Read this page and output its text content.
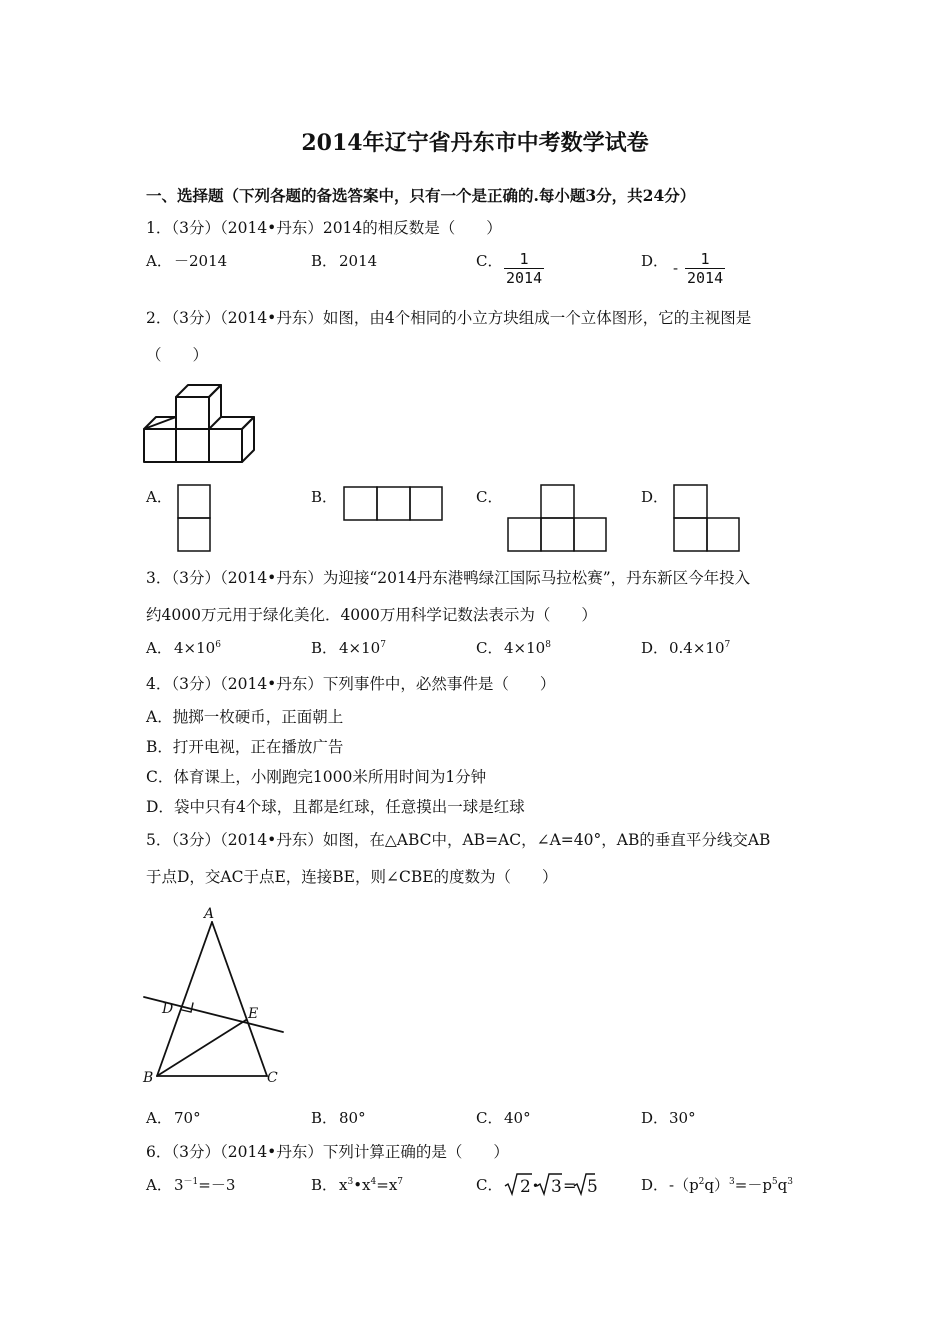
2014年辽宁省丹东市中考数学试卷
一、选择题（下列各题的备选答案中，只有一个是正确的.每小题3分，共24分）
1．（3分）（2014•丹东）2014的相反数是（　　）
A． －2014	B． 2014	C． $\frac{1}{2014}$	D． - $\frac{1}{2014}$
2．（3分）（2014•丹东）如图，由4个相同的小立方块组成一个立体图形，它的主视图是
（　　）
A．	B．	C．	D．
3．（3分）（2014•丹东）为迎接“2014丹东港鸭绿江国际马拉松赛”，丹东新区今年投入
约4000万元用于绿化美化．4000万用科学记数法表示为（　　）
A． $4\times 10^6$	B． $4\times 10^7$	C． $4\times 10^8$	D．$0.4\times 10^7$
4．（3分）（2014•丹东）下列事件中，必然事件是（　　）
A．抛掷一枚硬币，正面朝上
B．打开电视，正在播放广告
C．体育课上，小刚跑完1000米所用时间为1分钟
D．袋中只有4个球，且都是红球，任意摸出一球是红球
5．（3分）（2014•丹东）如图，在△ABC中，AB=AC，∠A=40°，AB的垂直平分线交AB
于点D，交AC于点E，连接BE，则∠CBE的度数为（　　）
A
B	C
D	E
A． 70°	B． 80°	C． 40°	D．30°
6．（3分）（2014•丹东）下列计算正确的是（　　）
A． $3^{-1}=-3$	B． $x^3•x^4=x^7$	C． 2 • 3 = 5	D．$-(p^2q)^3=-p^5q^3$
